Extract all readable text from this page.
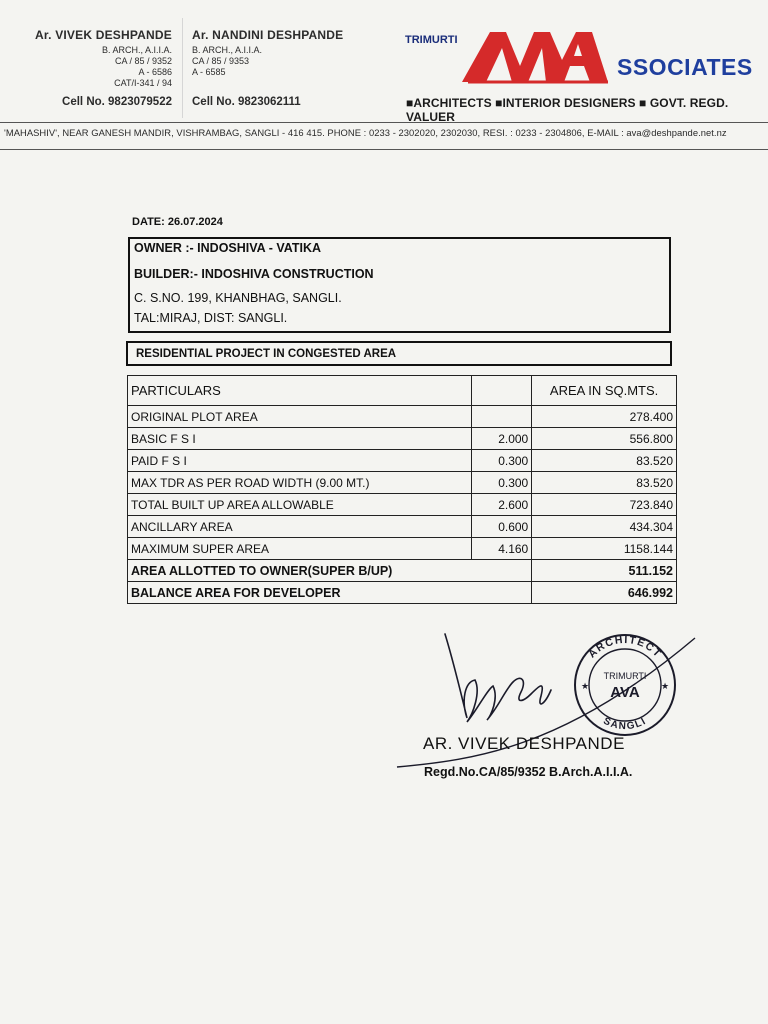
Ar. VIVEK DESHPANDE
B. ARCH., A.I.I.A.
CA / 85 / 9352
A - 6586
CAT/I-341 / 94
Cell No. 9823079522
Ar. NANDINI DESHPANDE
B. ARCH., A.I.I.A.
CA / 85 / 9353
A - 6585
Cell No. 9823062111
TRIMURTI
SSOCIATES
■ARCHITECTS ■INTERIOR DESIGNERS ■ GOVT. REGD. VALUER
'MAHASHIV', NEAR GANESH MANDIR, VISHRAMBAG, SANGLI - 416 415. PHONE : 0233 - 2302020, 2302030, RESI. : 0233 - 2304806, E-MAIL : ava@deshpande.net.nz
DATE: 26.07.2024
OWNER :- INDOSHIVA - VATIKA
BUILDER:- INDOSHIVA CONSTRUCTION
C. S.NO. 199, KHANBHAG, SANGLI.
TAL:MIRAJ, DIST: SANGLI.
RESIDENTIAL PROJECT IN CONGESTED AREA
PARTICULARS		AREA IN SQ.MTS.
ORIGINAL PLOT AREA		278.400
BASIC F S I	2.000	556.800
PAID F S I	0.300	83.520
MAX TDR AS PER ROAD WIDTH (9.00 MT.)	0.300	83.520
TOTAL BUILT UP AREA ALLOWABLE	2.600	723.840
ANCILLARY AREA	0.600	434.304
MAXIMUM SUPER AREA	4.160	1158.144
AREA ALLOTTED TO OWNER(SUPER B/UP)		511.152
BALANCE AREA FOR DEVELOPER		646.992
ARCHITECT
SANGLI
TRIMURTI
AVA
★	★
AR. VIVEK DESHPANDE
Regd.No.CA/85/9352 B.Arch.A.I.I.A.
